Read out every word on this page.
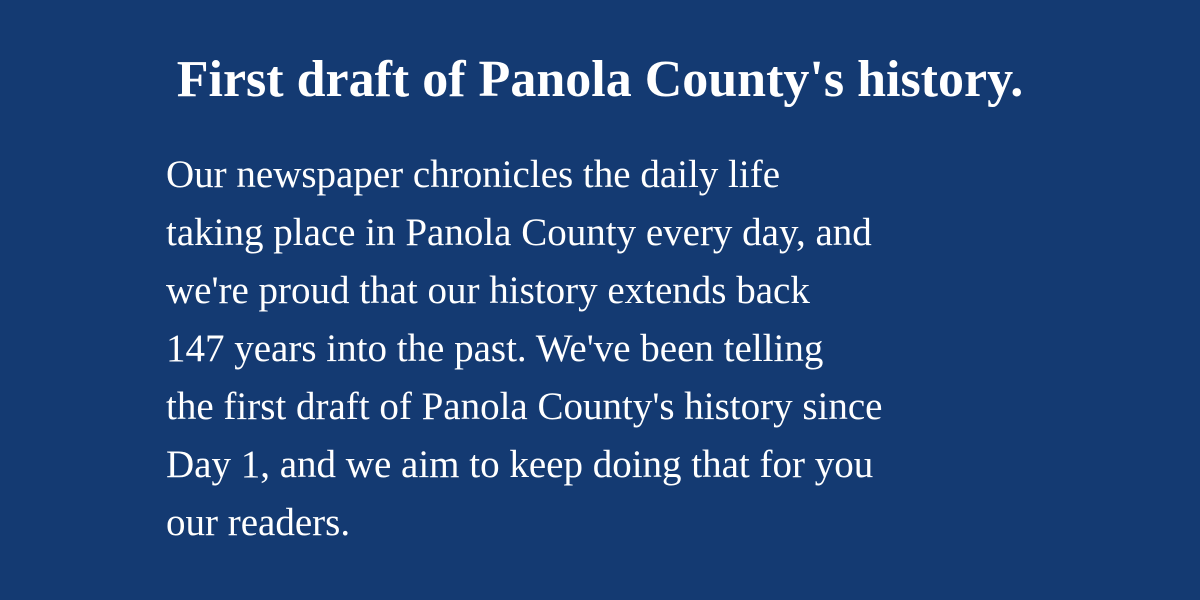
First draft of Panola County's history.
Our newspaper chronicles the daily life
taking place in Panola County every day, and
we're proud that our history extends back
147 years into the past. We've been telling
the first draft of Panola County's history since
Day 1, and we aim to keep doing that for you
our readers.
